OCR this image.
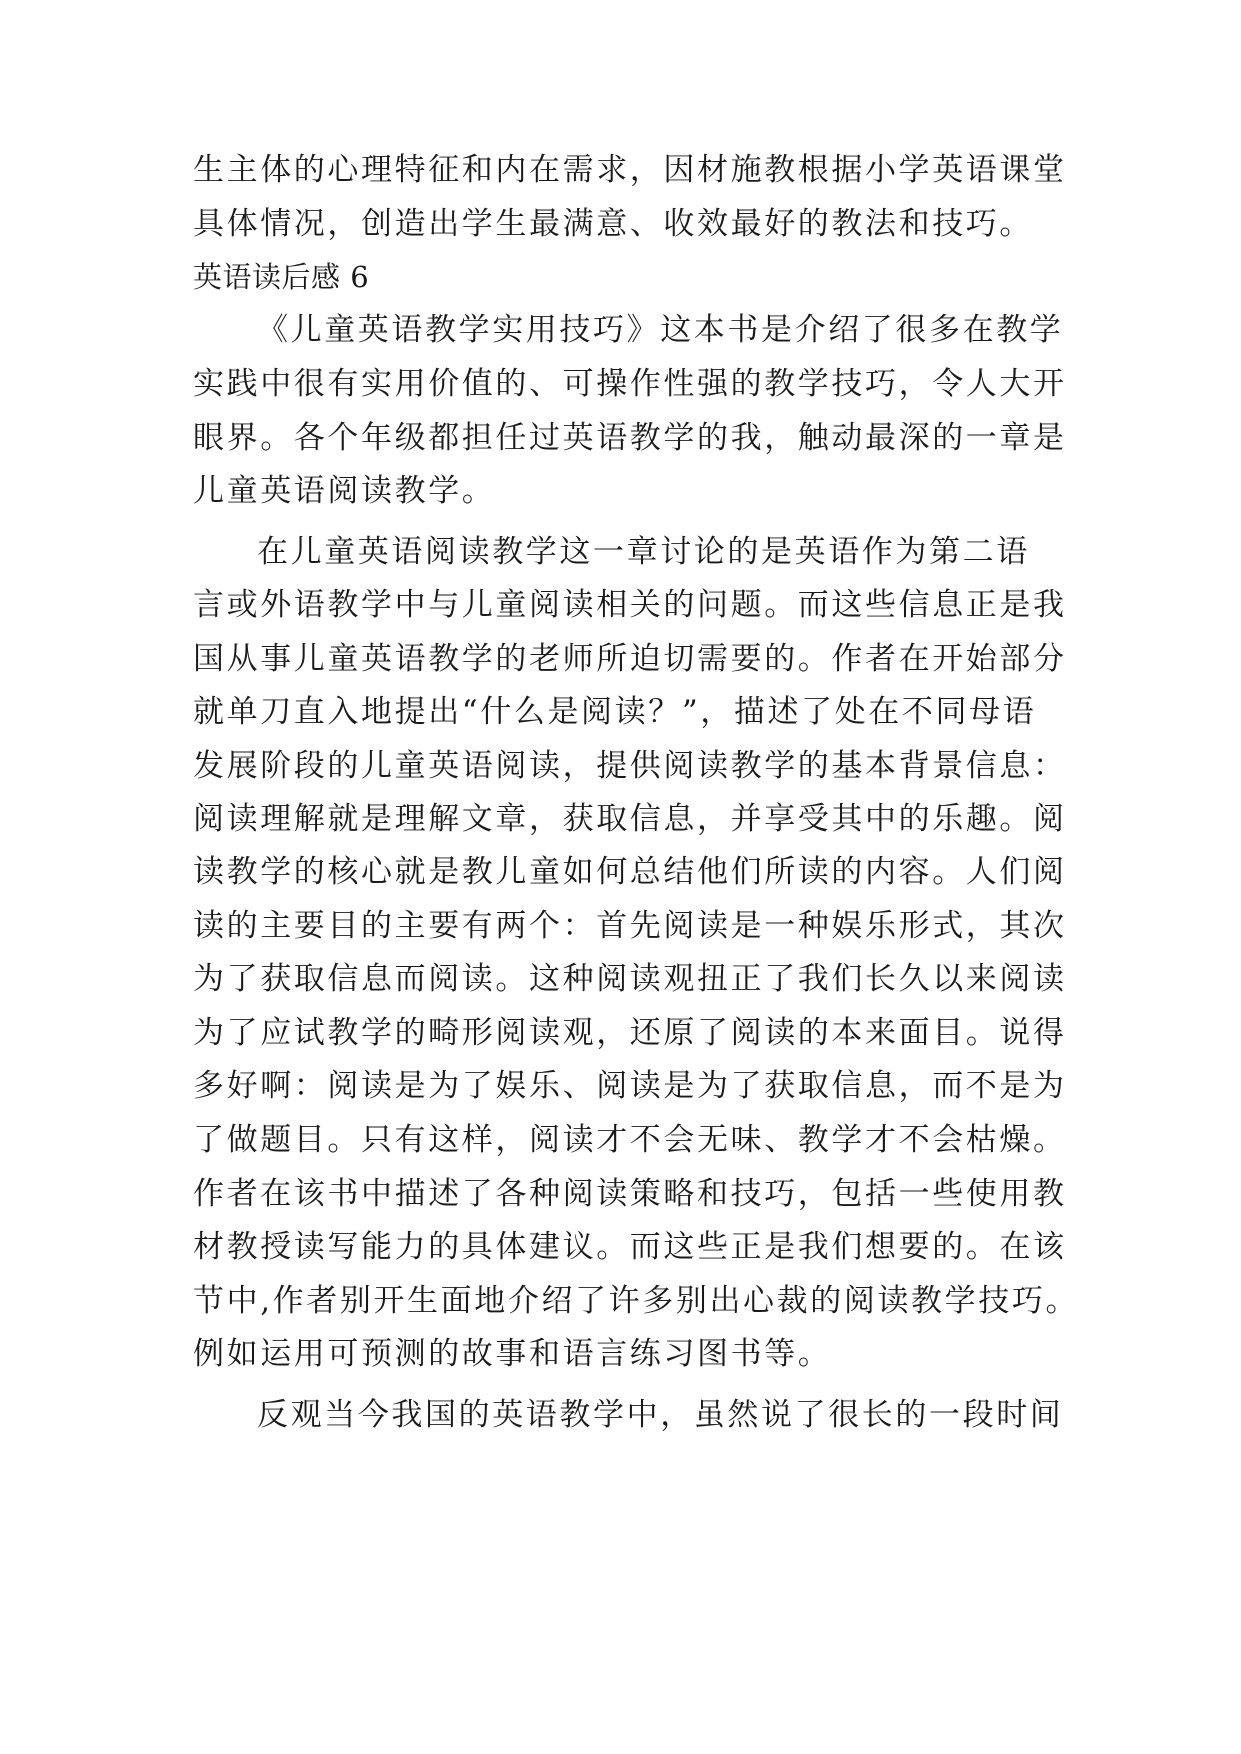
生主体的心理特征和内在需求，因材施教根据小学英语课堂
具体情况，创造出学生最满意、收效最好的教法和技巧。
英语读后感 6
《儿童英语教学实用技巧》这本书是介绍了很多在教学
实践中很有实用价值的、可操作性强的教学技巧，令人大开
眼界。各个年级都担任过英语教学的我，触动最深的一章是
儿童英语阅读教学。
在儿童英语阅读教学这一章讨论的是英语作为第二语
言或外语教学中与儿童阅读相关的问题。而这些信息正是我
国从事儿童英语教学的老师所迫切需要的。作者在开始部分
就单刀直入地提出“什么是阅读？”，描述了处在不同母语
发展阶段的儿童英语阅读，提供阅读教学的基本背景信息：
阅读理解就是理解文章，获取信息，并享受其中的乐趣。阅
读教学的核心就是教儿童如何总结他们所读的内容。人们阅
读的主要目的主要有两个：首先阅读是一种娱乐形式，其次
为了获取信息而阅读。这种阅读观扭正了我们长久以来阅读
为了应试教学的畸形阅读观，还原了阅读的本来面目。说得
多好啊：阅读是为了娱乐、阅读是为了获取信息，而不是为
了做题目。只有这样，阅读才不会无味、教学才不会枯燥。
作者在该书中描述了各种阅读策略和技巧，包括一些使用教
材教授读写能力的具体建议。而这些正是我们想要的。在该
节中,作者别开生面地介绍了许多别出心裁的阅读教学技巧。
例如运用可预测的故事和语言练习图书等。
反观当今我国的英语教学中，虽然说了很长的一段时间
